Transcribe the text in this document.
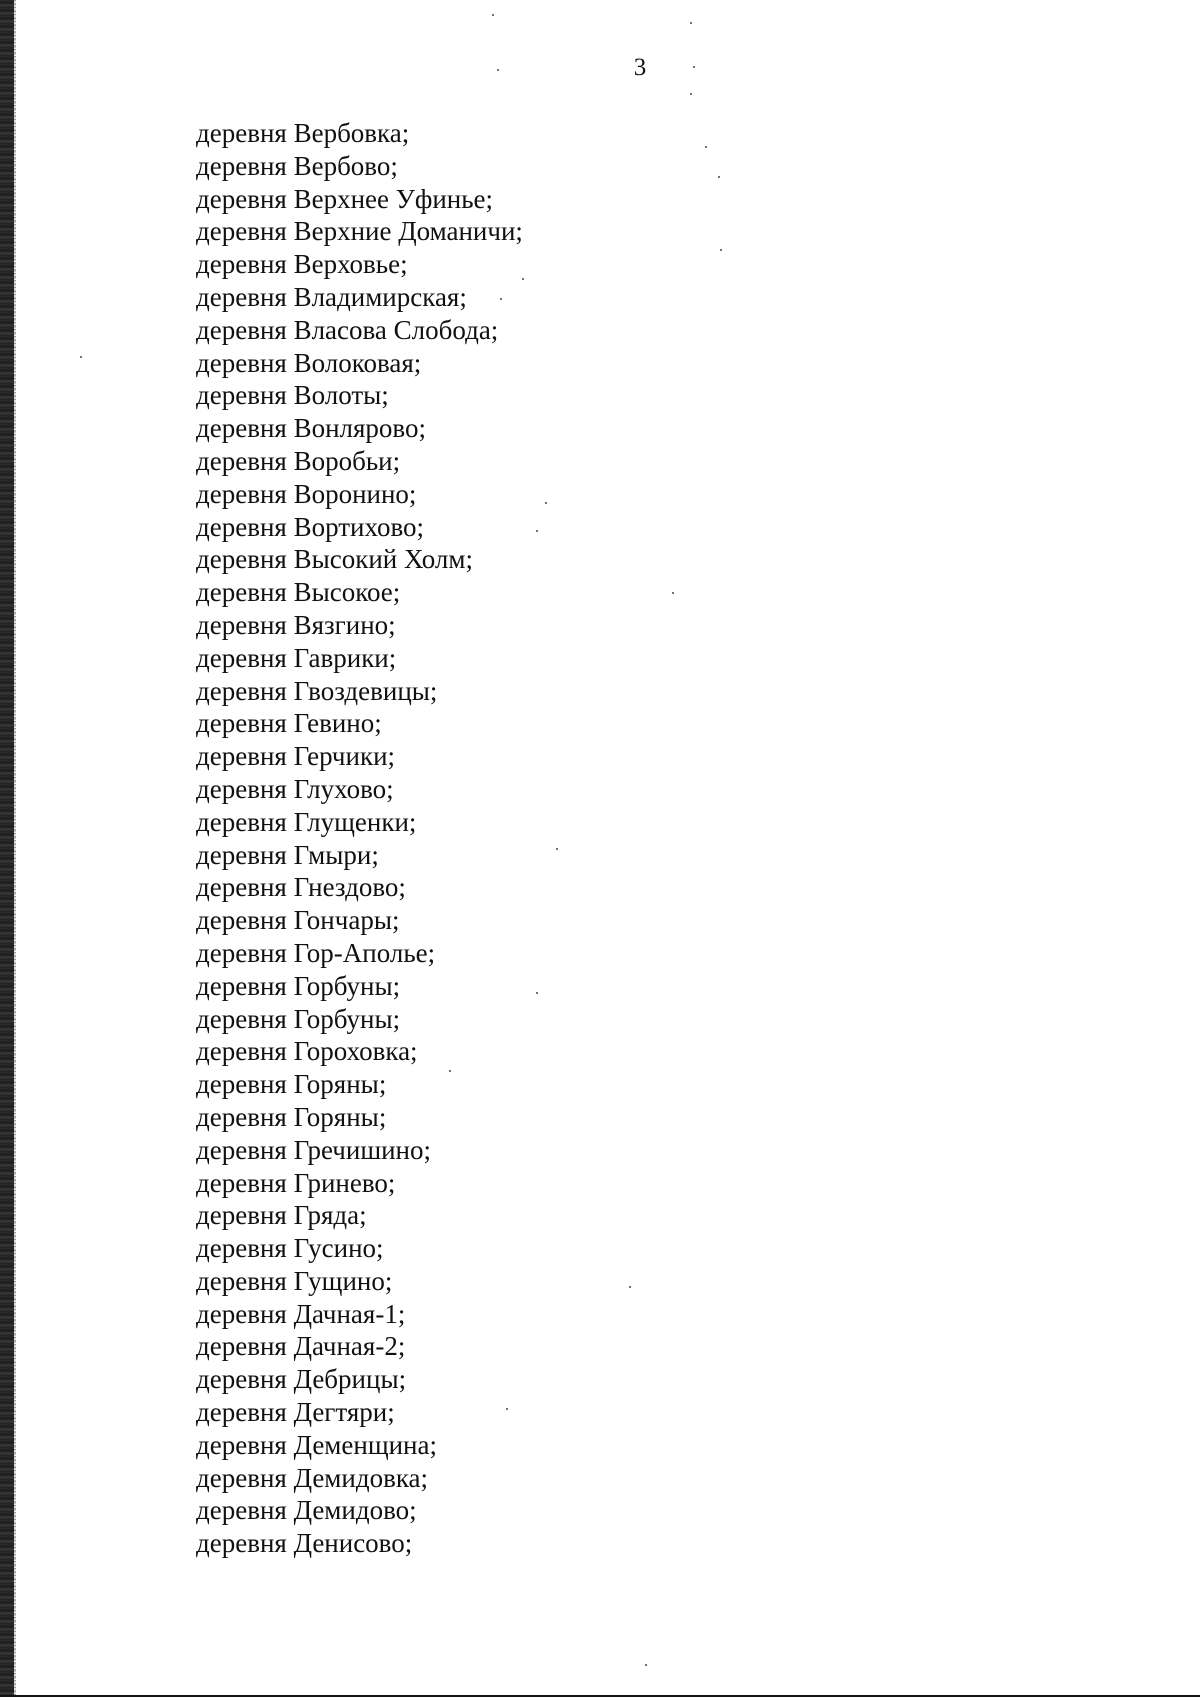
3
деревня Вербовка;
деревня Вербово;
деревня Верхнее Уфинье;
деревня Верхние Доманичи;
деревня Верховье;
деревня Владимирская;
деревня Власова Слобода;
деревня Волоковая;
деревня Волоты;
деревня Вонлярово;
деревня Воробьи;
деревня Воронино;
деревня Вортихово;
деревня Высокий Холм;
деревня Высокое;
деревня Вязгино;
деревня Гаврики;
деревня Гвоздевицы;
деревня Гевино;
деревня Герчики;
деревня Глухово;
деревня Глущенки;
деревня Гмыри;
деревня Гнездово;
деревня Гончары;
деревня Гор-Аполье;
деревня Горбуны;
деревня Горбуны;
деревня Гороховка;
деревня Горяны;
деревня Горяны;
деревня Гречишино;
деревня Гринево;
деревня Гряда;
деревня Гусино;
деревня Гущино;
деревня Дачная-1;
деревня Дачная-2;
деревня Дебрицы;
деревня Дегтяри;
деревня Деменщина;
деревня Демидовка;
деревня Демидово;
деревня Денисово;
